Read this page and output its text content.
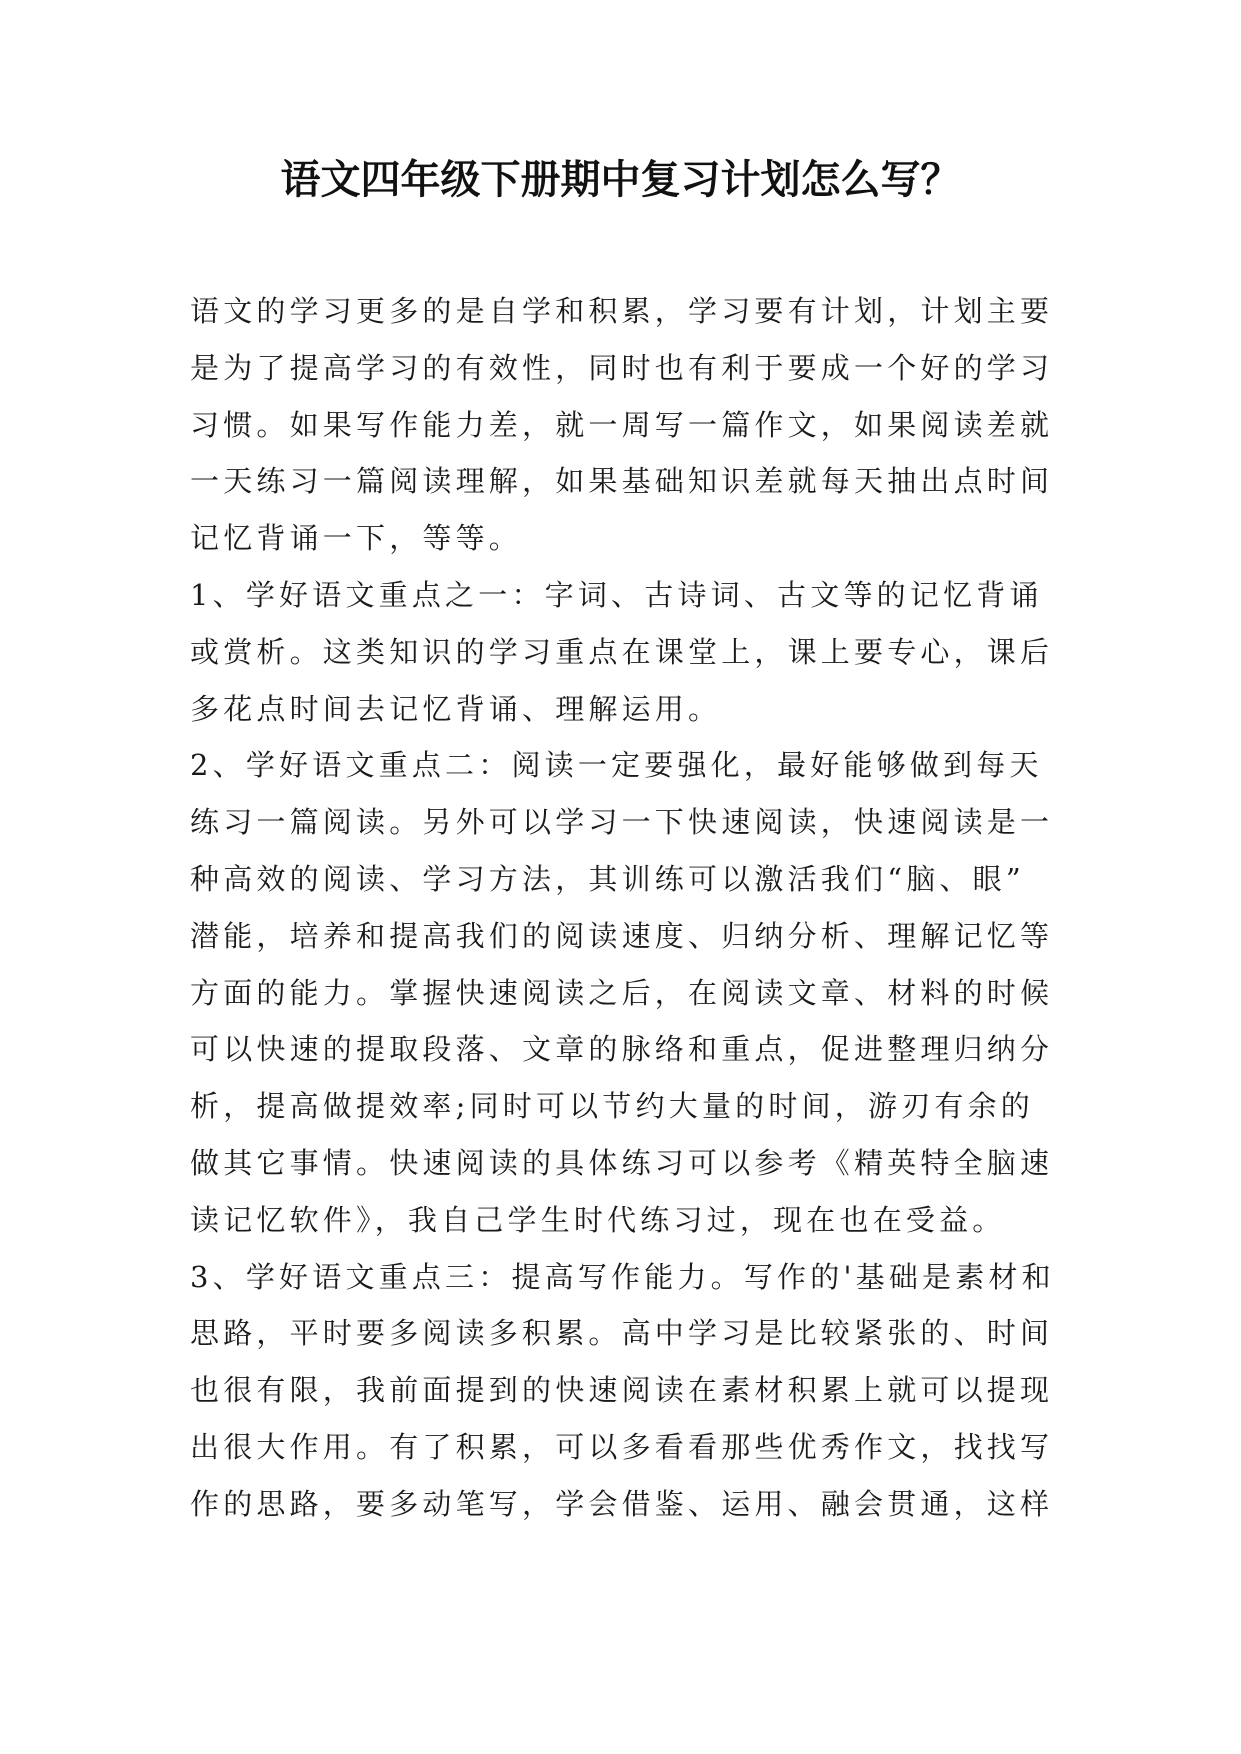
语文四年级下册期中复习计划怎么写？
语文的学习更多的是自学和积累，学习要有计划，计划主要
是为了提高学习的有效性，同时也有利于要成一个好的学习
习惯。如果写作能力差，就一周写一篇作文，如果阅读差就
一天练习一篇阅读理解，如果基础知识差就每天抽出点时间
记忆背诵一下，等等。
1、学好语文重点之一：字词、古诗词、古文等的记忆背诵
或赏析。这类知识的学习重点在课堂上，课上要专心，课后
多花点时间去记忆背诵、理解运用。
2、学好语文重点二：阅读一定要强化，最好能够做到每天
练习一篇阅读。另外可以学习一下快速阅读，快速阅读是一
种高效的阅读、学习方法，其训练可以激活我们“脑、眼”
潜能，培养和提高我们的阅读速度、归纳分析、理解记忆等
方面的能力。掌握快速阅读之后，在阅读文章、材料的时候
可以快速的提取段落、文章的脉络和重点，促进整理归纳分
析，提高做提效率;同时可以节约大量的时间，游刃有余的
做其它事情。快速阅读的具体练习可以参考《精英特全脑速
读记忆软件》，我自己学生时代练习过，现在也在受益。
3、学好语文重点三：提高写作能力。写作的'基础是素材和
思路，平时要多阅读多积累。高中学习是比较紧张的、时间
也很有限，我前面提到的快速阅读在素材积累上就可以提现
出很大作用。有了积累，可以多看看那些优秀作文，找找写
作的思路，要多动笔写，学会借鉴、运用、融会贯通，这样
